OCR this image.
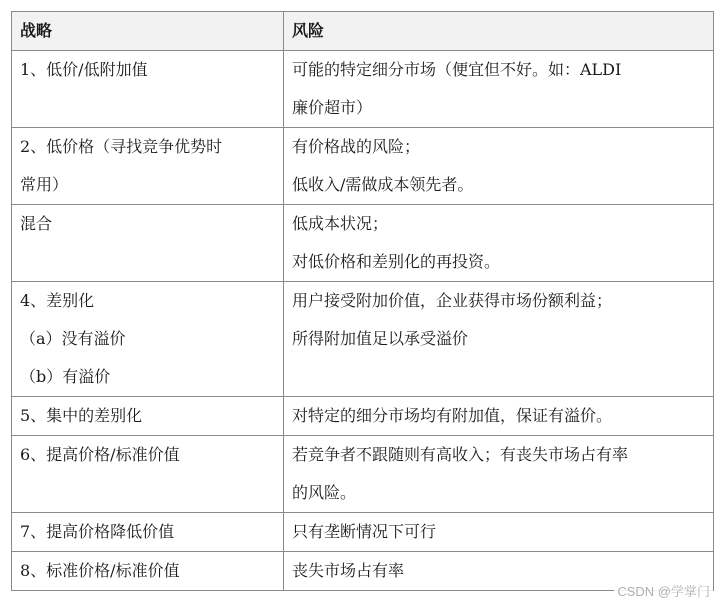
战略	风险

1、低价/低附加值	可能的特定细分市场（便宜但不好。如：ALDI
廉价超市）

2、低价格（寻找竞争优势时
常用）	有价格战的风险；
低收入/需做成本领先者。

混合	低成本状况；
对低价格和差别化的再投资。

4、差别化
（a）没有溢价
（b）有溢价	用户接受附加价值，企业获得市场份额利益；
所得附加值足以承受溢价

5、集中的差别化	对特定的细分市场均有附加值，保证有溢价。

6、提高价格/标准价值	若竞争者不跟随则有高收入；有丧失市场占有率
的风险。

7、提高价格降低价值	只有垄断情况下可行

8、标准价格/标准价值	丧失市场占有率
CSDN @学掌门
